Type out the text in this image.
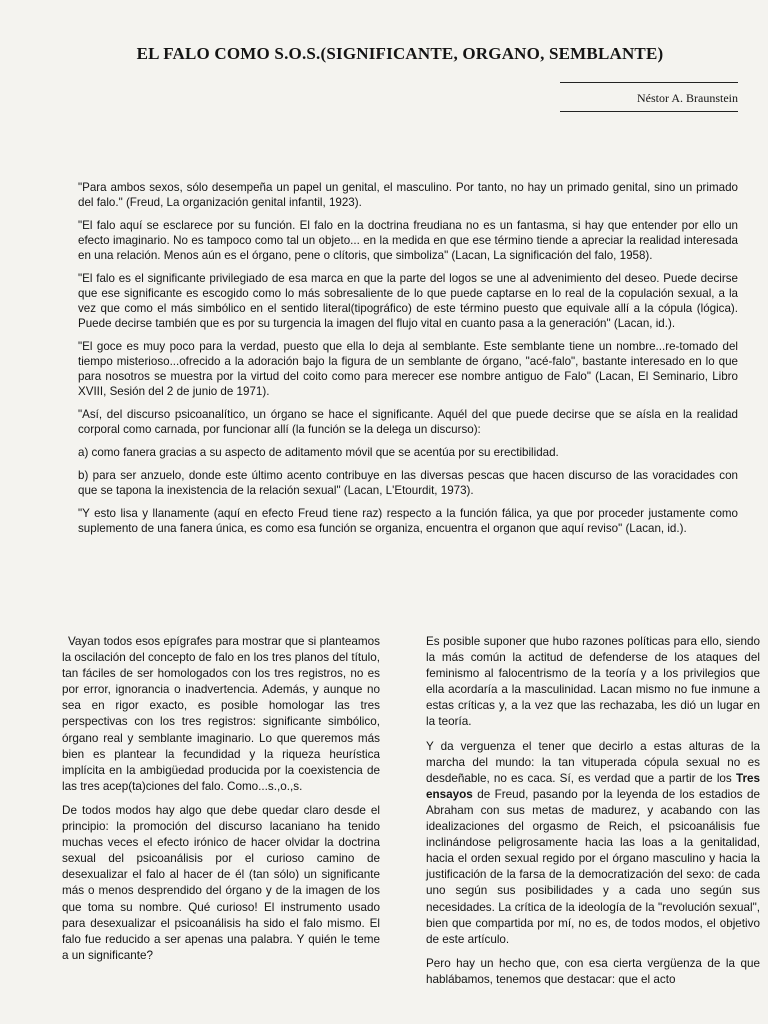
EL FALO COMO S.O.S.(SIGNIFICANTE, ORGANO, SEMBLANTE)
Néstor A. Braunstein

"Para ambos sexos, sólo desempeña un papel un genital, el masculino. Por tanto, no hay un primado genital, sino un primado del falo." (Freud, La organización genital infantil, 1923).

"El falo aquí se esclarece por su función. El falo en la doctrina freudiana no es un fantasma, si hay que entender por ello un efecto imaginario. No es tampoco como tal un objeto... en la medida en que ese término tiende a apreciar la realidad interesada en una relación. Menos aún es el órgano, pene o clítoris, que simboliza" (Lacan, La significación del falo, 1958).

"El falo es el significante privilegiado de esa marca en que la parte del logos se une al advenimiento del deseo. Puede decirse que ese significante es escogido como lo más sobresaliente de lo que puede captarse en lo real de la copulación sexual, a la vez que como el más simbólico en el sentido literal(tipográfico) de este término puesto que equivale allí a la cópula (lógica). Puede decirse también que es por su turgencia la imagen del flujo vital en cuanto pasa a la generación" (Lacan, id.).

"El goce es muy poco para la verdad, puesto que ella lo deja al semblante. Este semblante tiene un nombre...re-tomado del tiempo misterioso...ofrecido a la adoración bajo la figura de un semblante de órgano, "acé-falo", bastante interesado en lo que para nosotros se muestra por la virtud del coito como para merecer ese nombre antiguo de Falo" (Lacan, El Seminario, Libro XVIII, Sesión del 2 de junio de 1971).

"Así, del discurso psicoanalítico, un órgano se hace el significante. Aquél del que puede decirse que se aísla en la realidad corporal como carnada, por funcionar allí (la función se la delega un discurso):

a) como fanera gracias a su aspecto de aditamento móvil que se acentúa por su erectibilidad.

b) para ser anzuelo, donde este último acento contribuye en las diversas pescas que hacen discurso de las voracidades con que se tapona la inexistencia de la relación sexual" (Lacan, L'Etourdit, 1973).

"Y esto lisa y llanamente (aquí en efecto Freud tiene raz) respecto a la función fálica, ya que por proceder justamente como suplemento de una fanera única, es como esa función se organiza, encuentra el organon que aquí reviso" (Lacan, id.).

Vayan todos esos epígrafes para mostrar que si planteamos la oscilación del concepto de falo en los tres planos del título, tan fáciles de ser homologados con los tres registros, no es por error, ignorancia o inadvertencia. Además, y aunque no sea en rigor exacto, es posible homologar las tres perspectivas con los tres registros: significante simbólico, órgano real y semblante imaginario. Lo que queremos más bien es plantear la fecundidad y la riqueza heurística implícita en la ambigüedad producida por la coexistencia de las tres acep(ta)ciones del falo. Como...s.,o.,s.

De todos modos hay algo que debe quedar claro desde el principio: la promoción del discurso lacaniano ha tenido muchas veces el efecto irónico de hacer olvidar la doctrina sexual del psicoanálisis por el curioso camino de desexualizar el falo al hacer de él (tan sólo) un significante más o menos desprendido del órgano y de la imagen de los que toma su nombre. Qué curioso! El instrumento usado para desexualizar el psicoanálisis ha sido el falo mismo. El falo fue reducido a ser apenas una palabra. Y quién le teme a un significante?

Es posible suponer que hubo razones políticas para ello, siendo la más común la actitud de defenderse de los ataques del feminismo al falocentrismo de la teoría y a los privilegios que ella acordaría a la masculinidad. Lacan mismo no fue inmune a estas críticas y, a la vez que las rechazaba, les dió un lugar en la teoría.

Y da verguenza el tener que decirlo a estas alturas de la marcha del mundo: la tan vituperada cópula sexual no es desdeñable, no es caca. Sí, es verdad que a partir de los Tres ensayos de Freud, pasando por la leyenda de los estadios de Abraham con sus metas de madurez, y acabando con las idealizaciones del orgasmo de Reich, el psicoanálisis fue inclinándose peligrosamente hacia las loas a la genitalidad, hacia el orden sexual regido por el órgano masculino y hacia la justificación de la farsa de la democratización del sexo: de cada uno según sus posibilidades y a cada uno según sus necesidades. La crítica de la ideología de la "revolución sexual", bien que compartida por mí, no es, de todos modos, el objetivo de este artículo.

Pero hay un hecho que, con esa cierta vergüenza de la que hablábamos, tenemos que destacar: que el acto
